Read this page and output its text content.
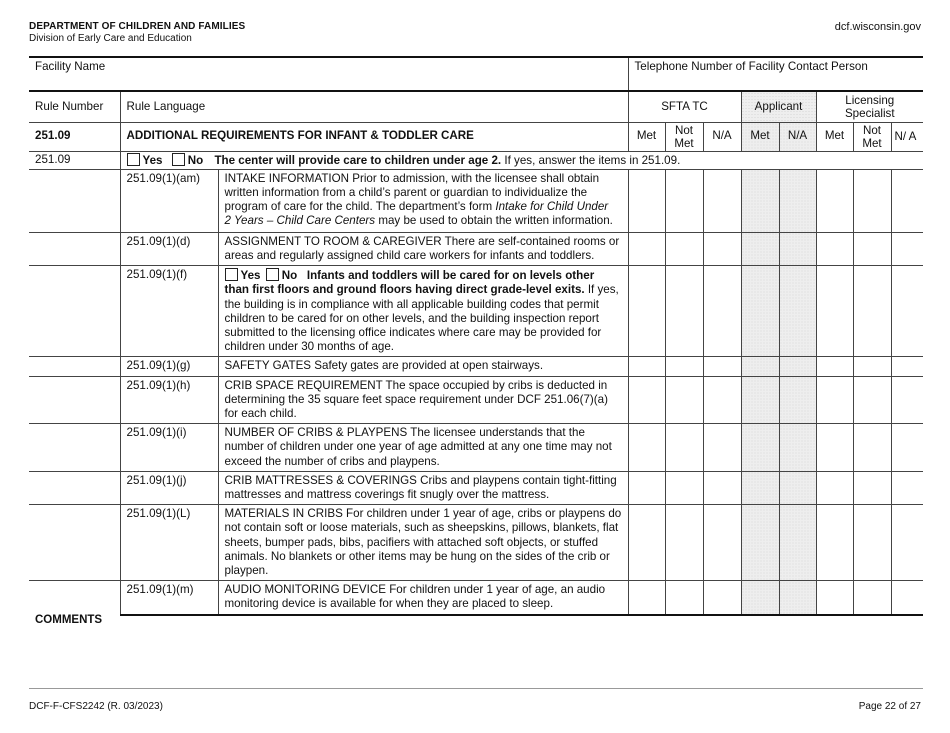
DEPARTMENT OF CHILDREN AND FAMILIES
Division of Early Care and Education
dcf.wisconsin.gov
Facility Name			Telephone Number of Facility Contact Person							
Rule Number	Rule Language		SFTA TC			Applicant		Licensing Specialist		
251.09	ADDITIONAL REQUIREMENTS FOR INFANT & TODDLER CARE		Met	Not Met	N/A	Met	N/A	Met	Not Met	N/ A
251.09	Yes No The center will provide care to children under age 2. If yes, answer the items in 251.09.									
	251.09(1)(am)	INTAKE INFORMATION Prior to admission, with the licensee shall obtain
written information from a child’s parent or guardian to individualize the
program of care for the child. The department’s form Intake for Child Under
2 Years – Child Care Centers may be used to obtain the written information.								
	251.09(1)(d)	ASSIGNMENT TO ROOM & CAREGIVER There are self-contained rooms or areas and regularly assigned child care workers for infants and toddlers.								
	251.09(1)(f)	Yes No Infants and toddlers will be cared for on levels other than first floors and ground floors having direct grade-level exits. If yes, the building is in compliance with all applicable building codes that permit children to be cared for on other levels, and the building inspection report submitted to the licensing office indicates where care may be provided for children under 30 months of age.								
	251.09(1)(g)	SAFETY GATES Safety gates are provided at open stairways.								
	251.09(1)(h)	CRIB SPACE REQUIREMENT The space occupied by cribs is deducted in determining the 35 square feet space requirement under DCF 251.06(7)(a) for each child.								
	251.09(1)(i)	NUMBER OF CRIBS & PLAYPENS The licensee understands that the number of children under one year of age admitted at any one time may not exceed the number of cribs and playpens.								
	251.09(1)(j)	CRIB MATTRESSES & COVERINGS Cribs and playpens contain tight-fitting mattresses and mattress coverings fit snugly over the mattress.								
	251.09(1)(L)	MATERIALS IN CRIBS For children under 1 year of age, cribs or playpens do not contain soft or loose materials, such as sheepskins, pillows, blankets, flat sheets, bumper pads, bibs, pacifiers with attached soft objects, or stuffed animals. No blankets or other items may be hung on the sides of the crib or playpen.								
	251.09(1)(m)	AUDIO MONITORING DEVICE For children under 1 year of age, an audio monitoring device is available for when they are placed to sleep.								
COMMENTS
DCF-F-CFS2242 (R. 03/2023)	Page 22 of 27
